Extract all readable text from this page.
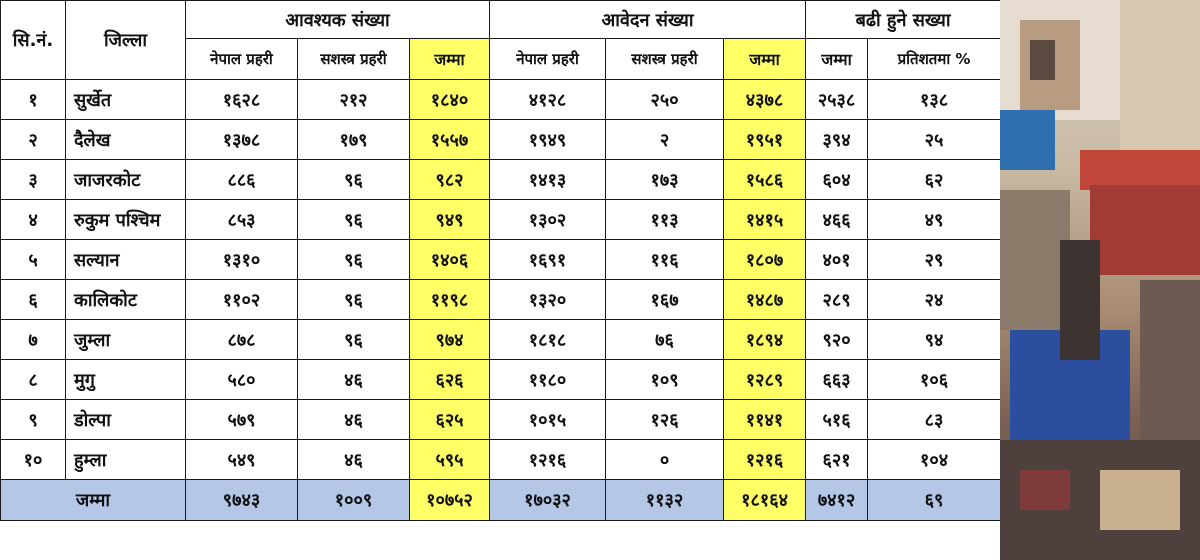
सि.नं.	जिल्ला	आवश्यक संख्या			आवेदन संख्या			बढी हुने सख्या	
		नेपाल प्रहरी	सशस्त्र प्रहरी	जम्मा	नेपाल प्रहरी	सशस्त्र प्रहरी	जम्मा	जम्मा	प्रतिशतमा %
१	सुर्खेत	१६२८	२१२	१८४०	४१२८	२५०	४३७८	२५३८	१३८
२	दैलेख	१३७८	१७९	१५५७	१९४९	२	१९५१	३९४	२५
३	जाजरकोट	८८६	९६	९८२	१४१३	१७३	१५८६	६०४	६२
४	रुकुम पश्चिम	८५३	९६	९४९	१३०२	११३	१४१५	४६६	४९
५	सल्यान	१३१०	९६	१४०६	१६९१	११६	१८०७	४०१	२९
६	कालिकोट	११०२	९६	११९८	१३२०	१६७	१४८७	२८९	२४
७	जुम्ला	८७८	९६	९७४	१८१८	७६	१८९४	९२०	९४
८	मुगु	५८०	४६	६२६	११८०	१०९	१२८९	६६३	१०६
९	डोल्पा	५७९	४६	६२५	१०१५	१२६	११४१	५१६	८३
१०	हुम्ला	५४९	४६	५९५	१२१६	०	१२१६	६२१	१०४
जम्मा		९७४३	१००९	१०७५२	१७०३२	११३२	१८१६४	७४१२	६९
